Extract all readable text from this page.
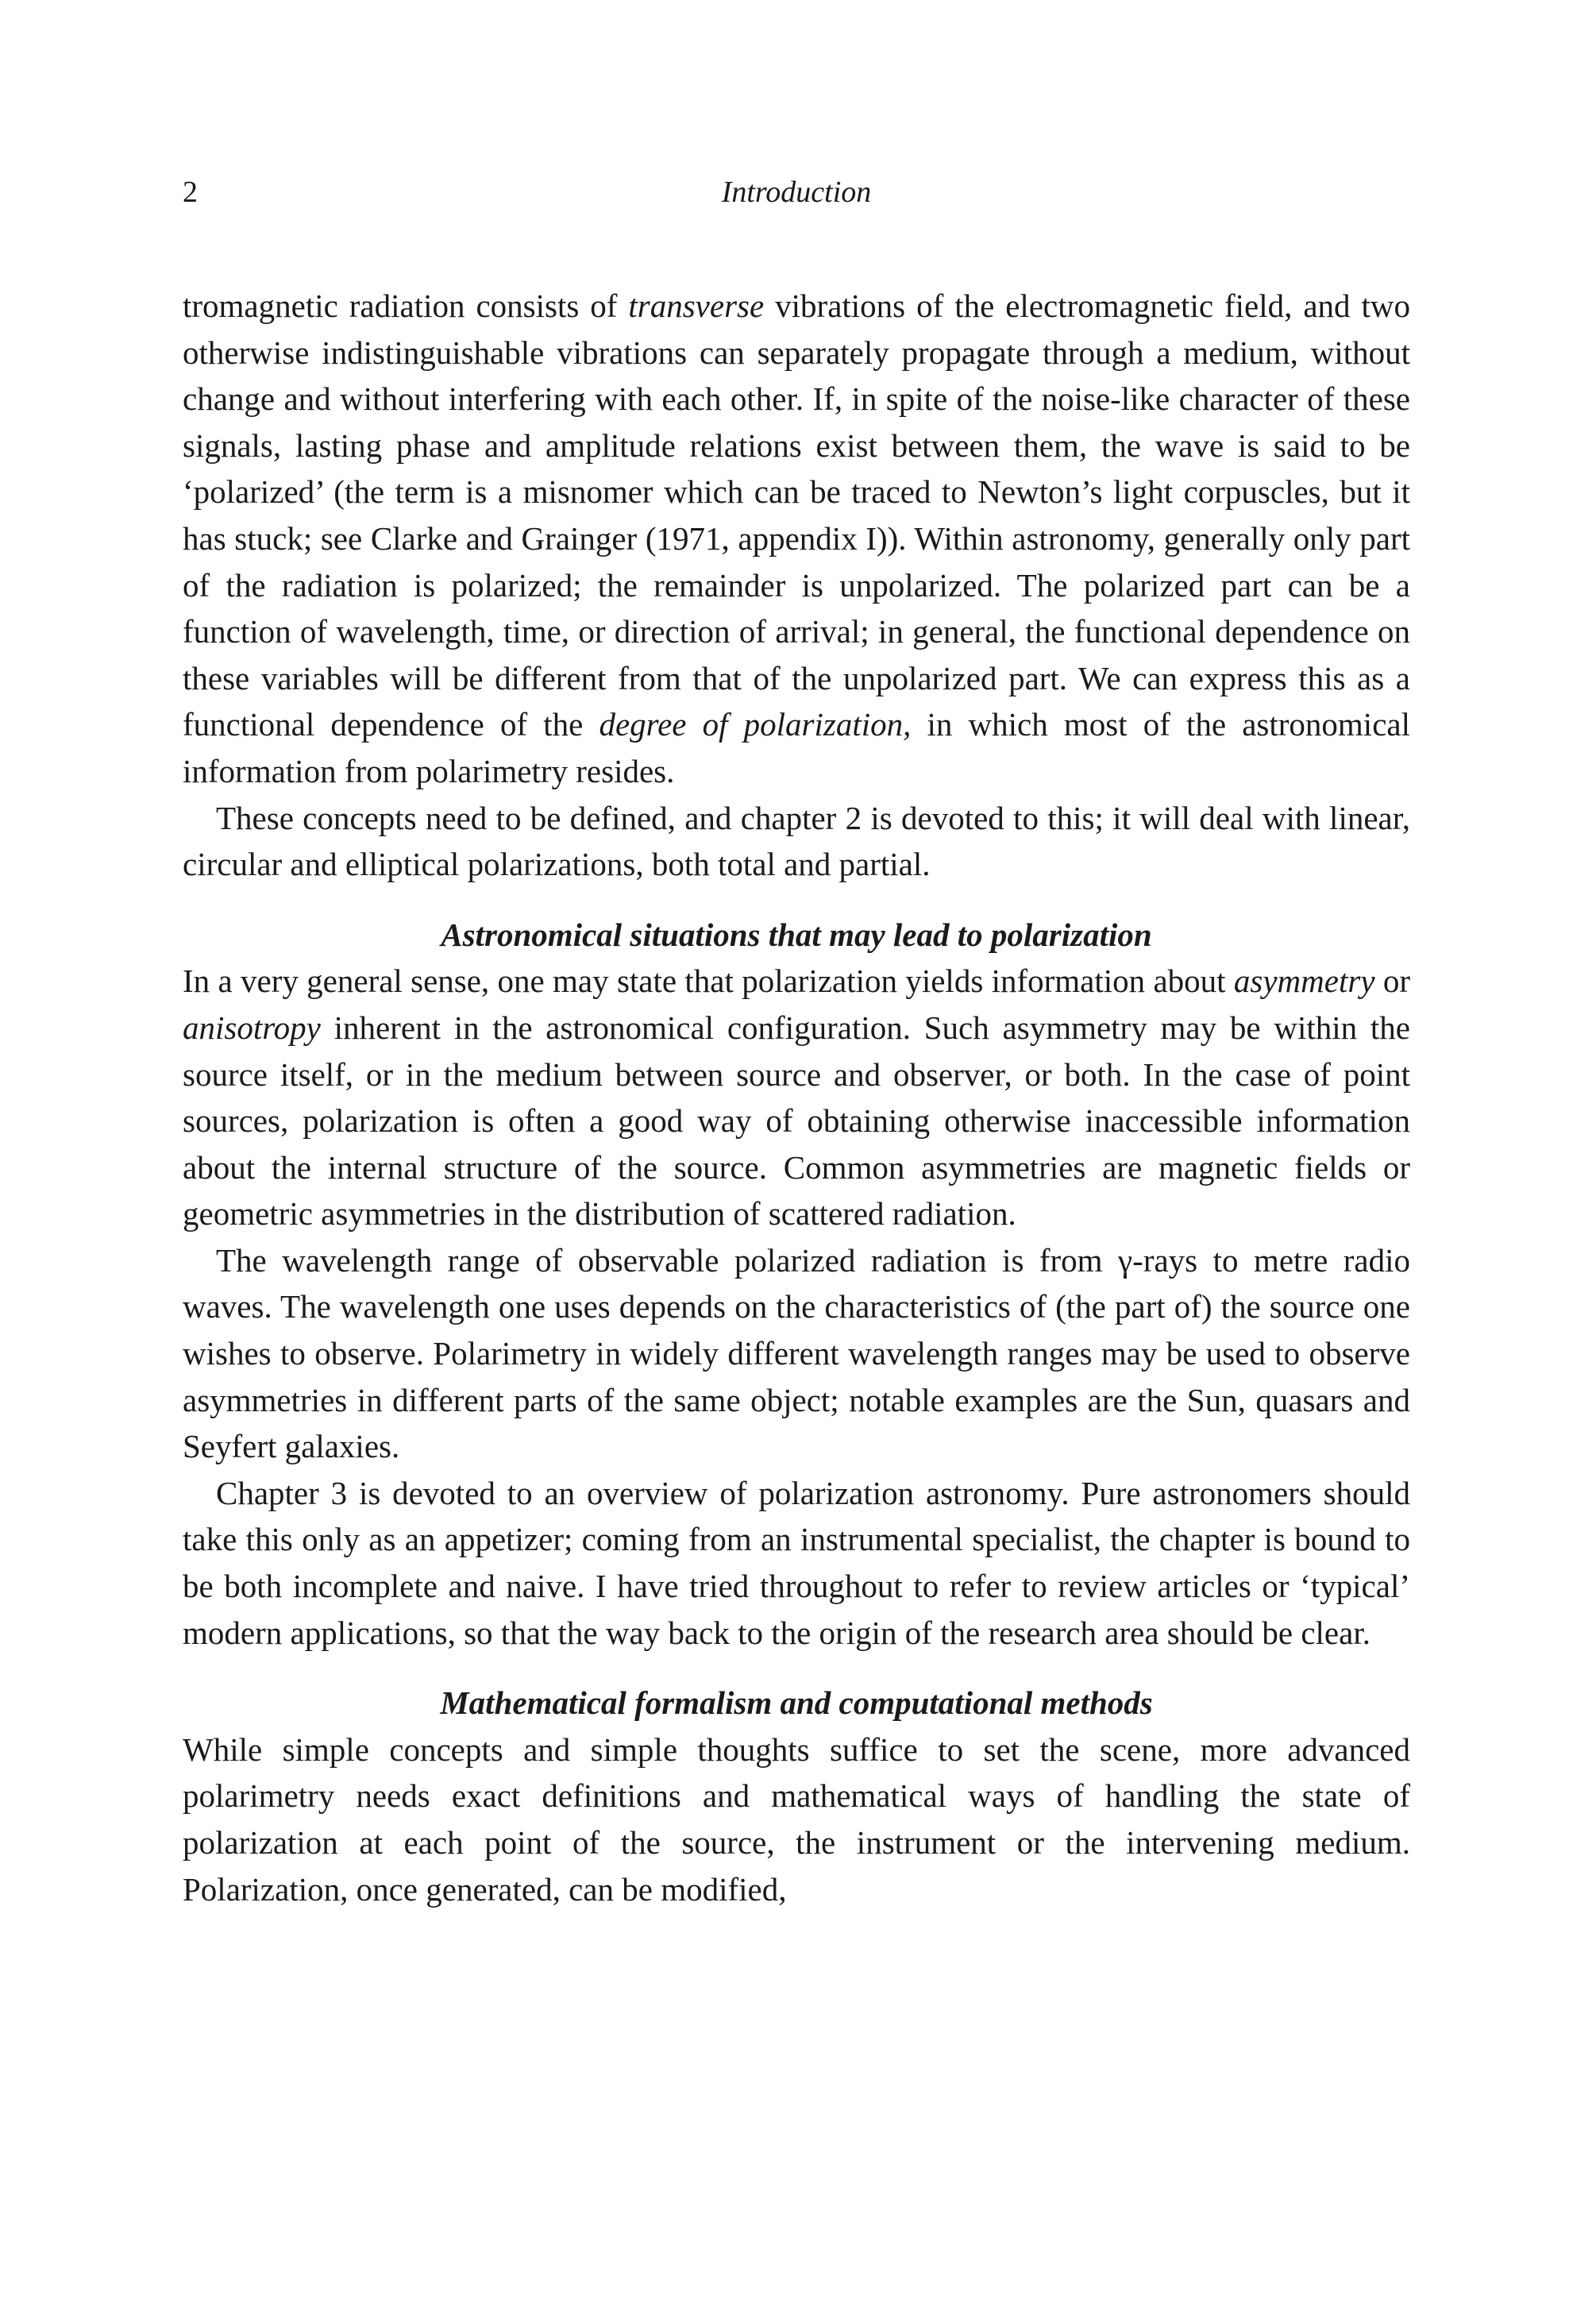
2	Introduction

tromagnetic radiation consists of transverse vibrations of the electromagnetic field, and two otherwise indistinguishable vibrations can separately propagate through a medium, without change and without interfering with each other. If, in spite of the noise-like character of these signals, lasting phase and amplitude relations exist between them, the wave is said to be ‘polarized’ (the term is a misnomer which can be traced to Newton’s light corpuscles, but it has stuck; see Clarke and Grainger (1971, appendix I)). Within astronomy, generally only part of the radiation is polarized; the remainder is unpolarized. The polarized part can be a function of wavelength, time, or direction of arrival; in general, the functional dependence on these variables will be different from that of the unpolarized part. We can express this as a functional dependence of the degree of polarization, in which most of the astronomical information from polarimetry resides.

These concepts need to be defined, and chapter 2 is devoted to this; it will deal with linear, circular and elliptical polarizations, both total and partial.

Astronomical situations that may lead to polarization

In a very general sense, one may state that polarization yields information about asymmetry or anisotropy inherent in the astronomical configuration. Such asymmetry may be within the source itself, or in the medium between source and observer, or both. In the case of point sources, polarization is often a good way of obtaining otherwise inaccessible information about the internal structure of the source. Common asymmetries are magnetic fields or geometric asymmetries in the distribution of scattered radiation.

The wavelength range of observable polarized radiation is from γ-rays to metre radio waves. The wavelength one uses depends on the characteristics of (the part of) the source one wishes to observe. Polarimetry in widely different wavelength ranges may be used to observe asymmetries in different parts of the same object; notable examples are the Sun, quasars and Seyfert galaxies.

Chapter 3 is devoted to an overview of polarization astronomy. Pure astronomers should take this only as an appetizer; coming from an instrumental specialist, the chapter is bound to be both incomplete and naive. I have tried throughout to refer to review articles or ‘typical’ modern applications, so that the way back to the origin of the research area should be clear.

Mathematical formalism and computational methods

While simple concepts and simple thoughts suffice to set the scene, more advanced polarimetry needs exact definitions and mathematical ways of handling the state of polarization at each point of the source, the instrument or the intervening medium. Polarization, once generated, can be modified,
